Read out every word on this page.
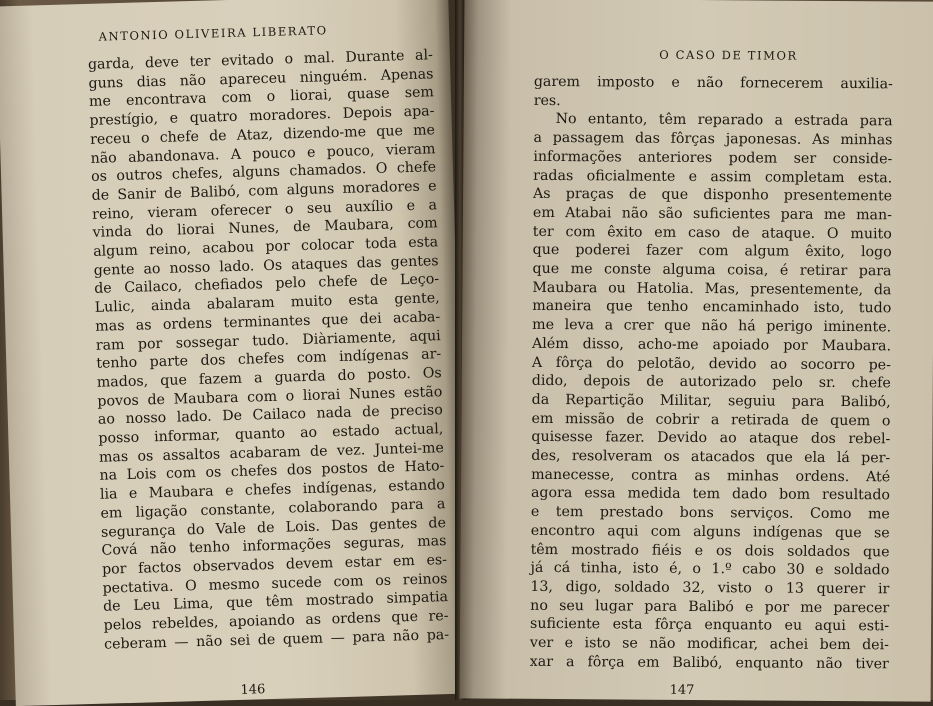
ANTONIO OLIVEIRA LIBERATO
garda, deve ter evitado o mal. Durante al-
guns dias não apareceu ninguém. Apenas
me encontrava com o liorai, quase sem
prestígio, e quatro moradores. Depois apa-
receu o chefe de Ataz, dizendo-me que me
não abandonava. A pouco e pouco, vieram
os outros chefes, alguns chamados. O chefe
de Sanir de Balibó, com alguns moradores e
reino, vieram oferecer o seu auxílio e a
vinda do liorai Nunes, de Maubara, com
algum reino, acabou por colocar toda esta
gente ao nosso lado. Os ataques das gentes
de Cailaco, chefiados pelo chefe de Leço-
Lulic, ainda abalaram muito esta gente,
mas as ordens terminantes que dei acaba-
ram por sossegar tudo. Diàriamente, aqui
tenho parte dos chefes com indígenas ar-
mados, que fazem a guarda do posto. Os
povos de Maubara com o liorai Nunes estão
ao nosso lado. De Cailaco nada de preciso
posso informar, quanto ao estado actual,
mas os assaltos acabaram de vez. Juntei-me
na Lois com os chefes dos postos de Hato-
lia e Maubara e chefes indígenas, estando
em ligação constante, colaborando para a
segurança do Vale de Lois. Das gentes de
Cová não tenho informações seguras, mas
por factos observados devem estar em es-
pectativa. O mesmo sucede com os reinos
de Leu Lima, que têm mostrado simpatia
pelos rebeldes, apoiando as ordens que re-
ceberam — não sei de quem — para não pa-
146
O CASO DE TIMOR
garem imposto e não fornecerem auxilia-
res.
No entanto, têm reparado a estrada para
a passagem das fôrças japonesas. As minhas
informações anteriores podem ser conside-
radas oficialmente e assim completam esta.
As praças de que disponho presentemente
em Atabai não são suficientes para me man-
ter com êxito em caso de ataque. O muito
que poderei fazer com algum êxito, logo
que me conste alguma coisa, é retirar para
Maubara ou Hatolia. Mas, presentemente, da
maneira que tenho encaminhado isto, tudo
me leva a crer que não há perigo iminente.
Além disso, acho-me apoiado por Maubara.
A fôrça do pelotão, devido ao socorro pe-
dido, depois de autorizado pelo sr. chefe
da Repartição Militar, seguiu para Balibó,
em missão de cobrir a retirada de quem o
quisesse fazer. Devido ao ataque dos rebel-
des, resolveram os atacados que ela lá per-
manecesse, contra as minhas ordens. Até
agora essa medida tem dado bom resultado
e tem prestado bons serviços. Como me
encontro aqui com alguns indígenas que se
têm mostrado fiéis e os dois soldados que
já cá tinha, isto é, o 1.º cabo 30 e soldado
13, digo, soldado 32, visto o 13 querer ir
no seu lugar para Balibó e por me parecer
suficiente esta fôrça enquanto eu aqui esti-
ver e isto se não modificar, achei bem dei-
xar a fôrça em Balibó, enquanto não tiver
147
